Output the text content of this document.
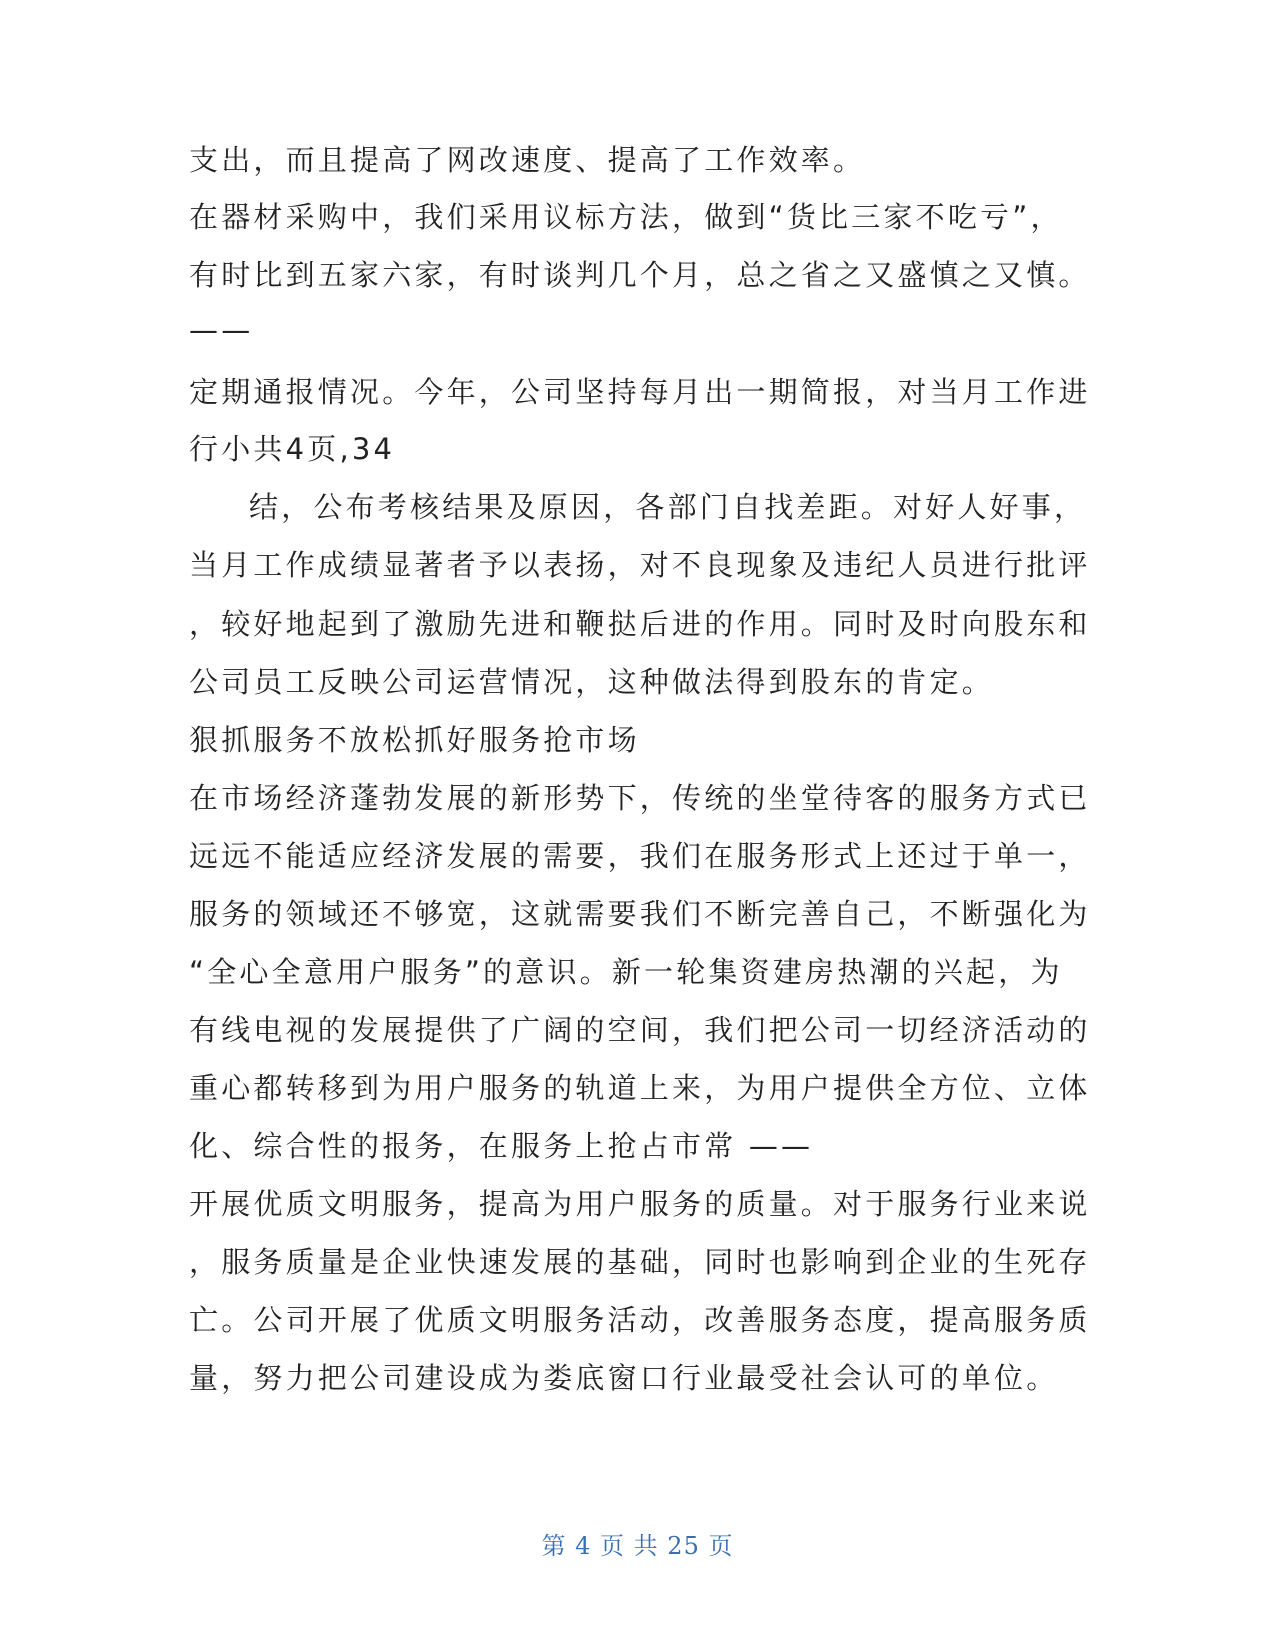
支出，而且提高了网改速度、提高了工作效率。
在器材采购中，我们采用议标方法，做到“货比三家不吃亏”，
有时比到五家六家，有时谈判几个月，总之省之又盛慎之又慎。
——
定期通报情况。今年，公司坚持每月出一期简报，对当月工作进
行小共4页,34
结，公布考核结果及原因，各部门自找差距。对好人好事，
当月工作成绩显著者予以表扬，对不良现象及违纪人员进行批评
，较好地起到了激励先进和鞭挞后进的作用。同时及时向股东和
公司员工反映公司运营情况，这种做法得到股东的肯定。
狠抓服务不放松抓好服务抢市场
在市场经济蓬勃发展的新形势下，传统的坐堂待客的服务方式已
远远不能适应经济发展的需要，我们在服务形式上还过于单一，
服务的领域还不够宽，这就需要我们不断完善自己，不断强化为
“全心全意用户服务”的意识。新一轮集资建房热潮的兴起，为
有线电视的发展提供了广阔的空间，我们把公司一切经济活动的
重心都转移到为用户服务的轨道上来，为用户提供全方位、立体
化、综合性的报务，在服务上抢占市常 ——
开展优质文明服务，提高为用户服务的质量。对于服务行业来说
，服务质量是企业快速发展的基础，同时也影响到企业的生死存
亡。公司开展了优质文明服务活动，改善服务态度，提高服务质
量，努力把公司建设成为娄底窗口行业最受社会认可的单位。
第 4 页 共 25 页
